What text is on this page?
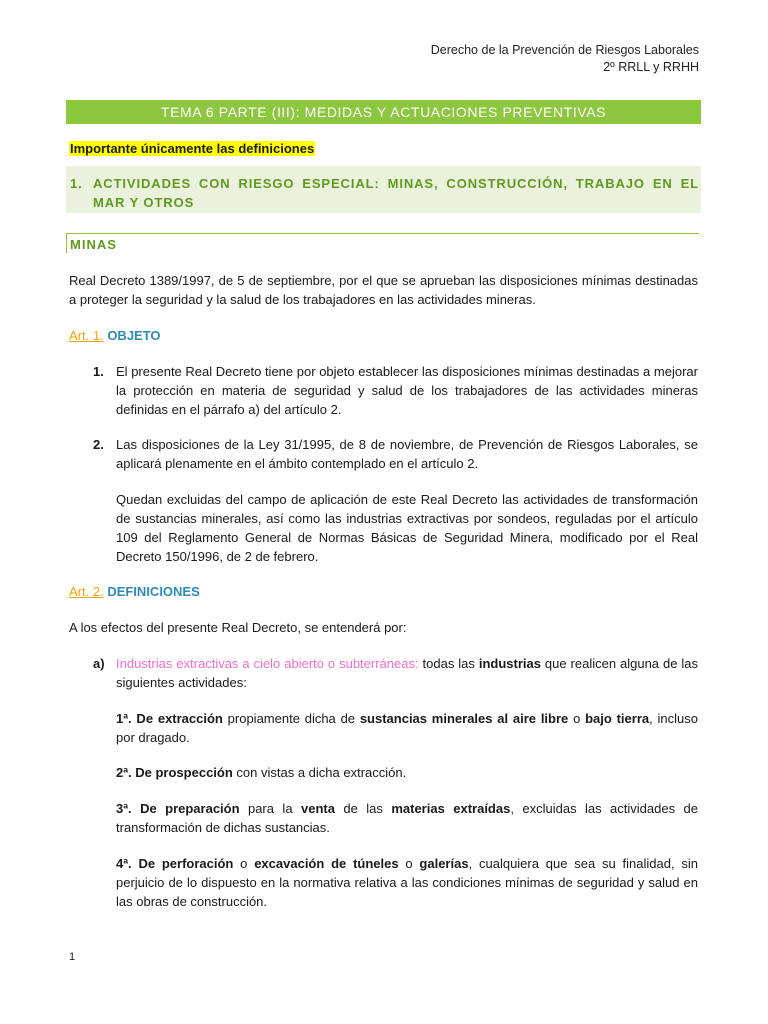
Derecho de la Prevención de Riesgos Laborales
2º RRLL y RRHH
TEMA 6 PARTE (III): MEDIDAS Y ACTUACIONES PREVENTIVAS
Importante únicamente las definiciones
1. ACTIVIDADES CON RIESGO ESPECIAL: MINAS, CONSTRUCCIÓN, TRABAJO EN EL MAR Y OTROS
MINAS
Real Decreto 1389/1997, de 5 de septiembre, por el que se aprueban las disposiciones mínimas destinadas a proteger la seguridad y la salud de los trabajadores en las actividades mineras.
Art. 1. OBJETO
1. El presente Real Decreto tiene por objeto establecer las disposiciones mínimas destinadas a mejorar la protección en materia de seguridad y salud de los trabajadores de las actividades mineras definidas en el párrafo a) del artículo 2.
2. Las disposiciones de la Ley 31/1995, de 8 de noviembre, de Prevención de Riesgos Laborales, se aplicará plenamente en el ámbito contemplado en el artículo 2.
Quedan excluidas del campo de aplicación de este Real Decreto las actividades de transformación de sustancias minerales, así como las industrias extractivas por sondeos, reguladas por el artículo 109 del Reglamento General de Normas Básicas de Seguridad Minera, modificado por el Real Decreto 150/1996, de 2 de febrero.
Art. 2. DEFINICIONES
A los efectos del presente Real Decreto, se entenderá por:
a) Industrias extractivas a cielo abierto o subterráneas: todas las industrias que realicen alguna de las siguientes actividades:
1ª. De extracción propiamente dicha de sustancias minerales al aire libre o bajo tierra, incluso por dragado.
2ª. De prospección con vistas a dicha extracción.
3ª. De preparación para la venta de las materias extraídas, excluidas las actividades de transformación de dichas sustancias.
4ª. De perforación o excavación de túneles o galerías, cualquiera que sea su finalidad, sin perjuicio de lo dispuesto en la normativa relativa a las condiciones mínimas de seguridad y salud en las obras de construcción.
1
